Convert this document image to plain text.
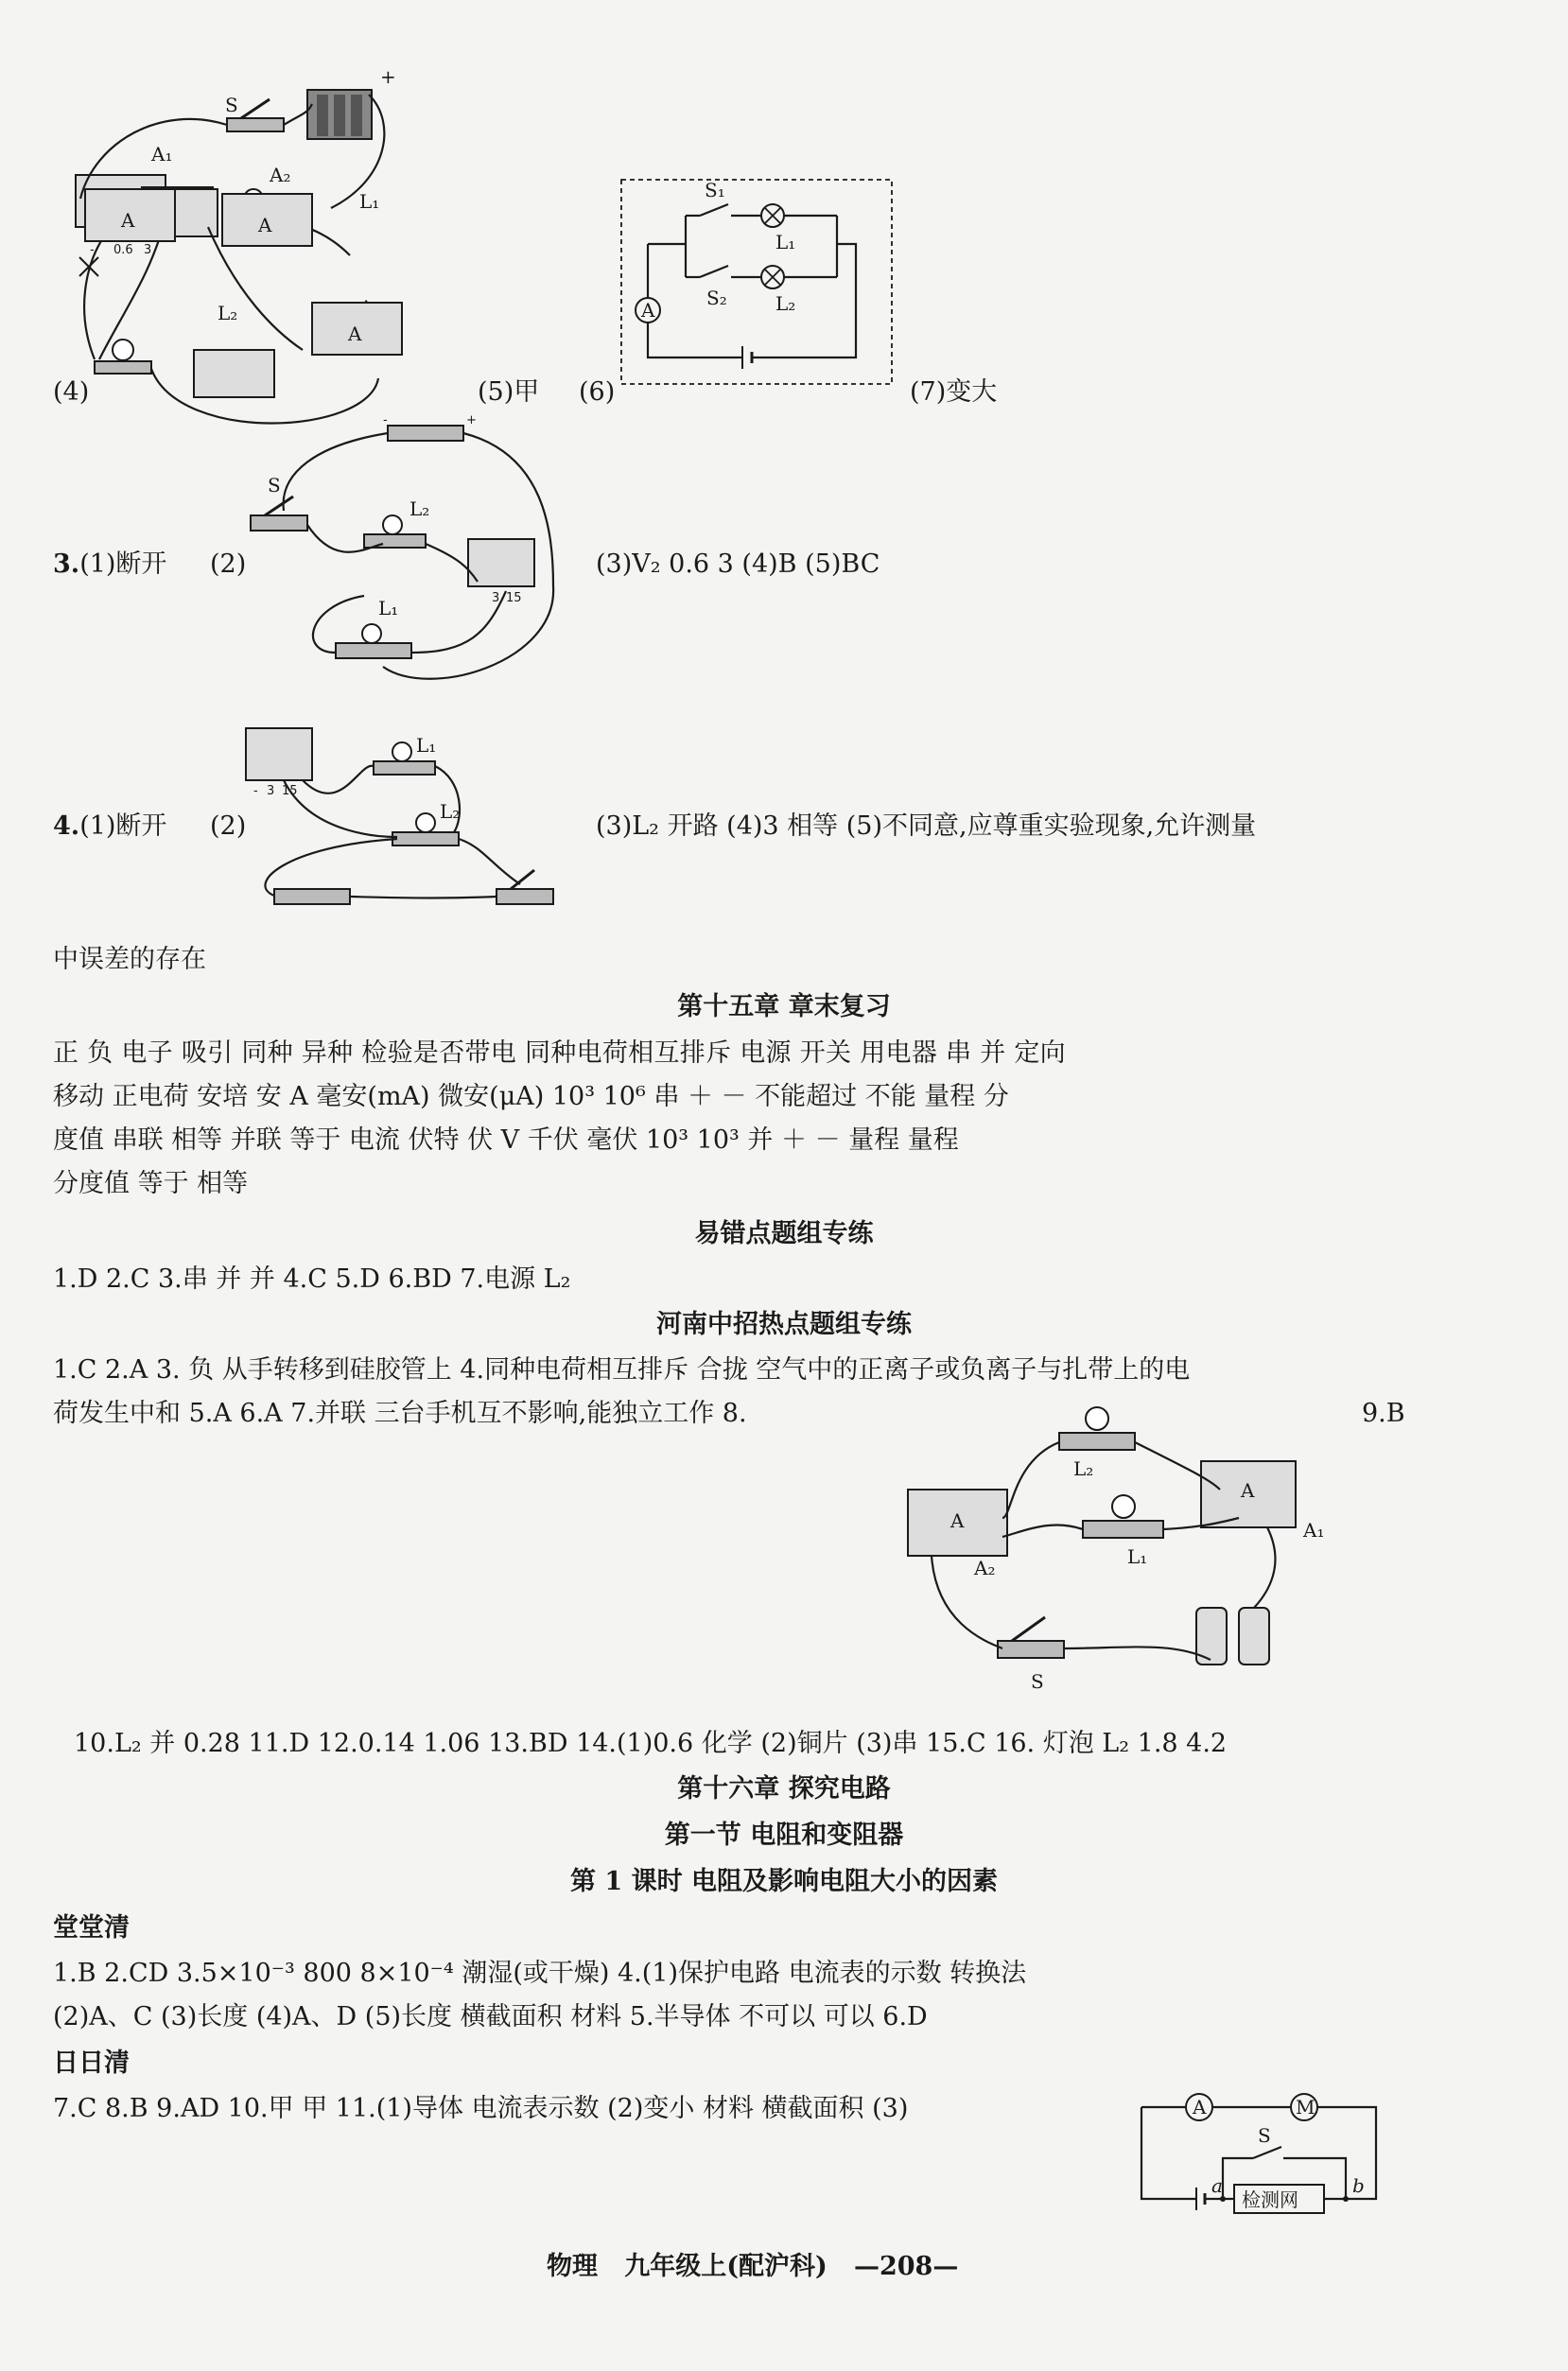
S
+
A₁
A₂
L₁
L₂
- 0.6 3
A	A
A
(4)	(5)甲 (6)	(7)变大
A
S₁
L₁
S₂	L₂
S
L₂
L₁
-	+
3 15
3.(1)断开 (2)	(3)V₂ 0.6 3 (4)B (5)BC
L₁
L₂
- 3 15
4.(1)断开 (2)	(3)L₂ 开路 (4)3 相等 (5)不同意,应尊重实验现象,允许测量
中误差的存在
第十五章 章末复习
正 负 电子 吸引 同种 异种 检验是否带电 同种电荷相互排斥 电源 开关 用电器 串 并 定向
移动 正电荷 安培 安 A 毫安(mA) 微安(μA) 10³ 10⁶ 串 ＋ － 不能超过 不能 量程 分
度值 串联 相等 并联 等于 电流 伏特 伏 V 千伏 毫伏 10³ 10³ 并 ＋ － 量程 量程
分度值 等于 相等
易错点题组专练
1.D 2.C 3.串 并 并 4.C 5.D 6.BD 7.电源 L₂
河南中招热点题组专练
1.C 2.A 3. 负 从手转移到硅胶管上 4.同种电荷相互排斥 合拢 空气中的正离子或负离子与扎带上的电
荷发生中和 5.A 6.A 7.并联 三台手机互不影响,能独立工作 8.	9.B
A
A
L₂
L₁
A₁
A₂
S
10.L₂ 并 0.28 11.D 12.0.14 1.06 13.BD 14.(1)0.6 化学 (2)铜片 (3)串 15.C 16. 灯泡 L₂ 1.8 4.2
第十六章 探究电路
第一节 电阻和变阻器
第 1 课时 电阻及影响电阻大小的因素
堂堂清
1.B 2.CD 3.5×10⁻³ 800 8×10⁻⁴ 潮湿(或干燥) 4.(1)保护电路 电流表的示数 转换法
(2)A、C (3)长度 (4)A、D (5)长度 横截面积 材料 5.半导体 不可以 可以 6.D
日日清
7.C 8.B 9.AD 10.甲 甲 11.(1)导体 电流表示数 (2)变小 材料 横截面积 (3)	A	M
S
a	b
检测网
物理 九年级上(配沪科) —208—
